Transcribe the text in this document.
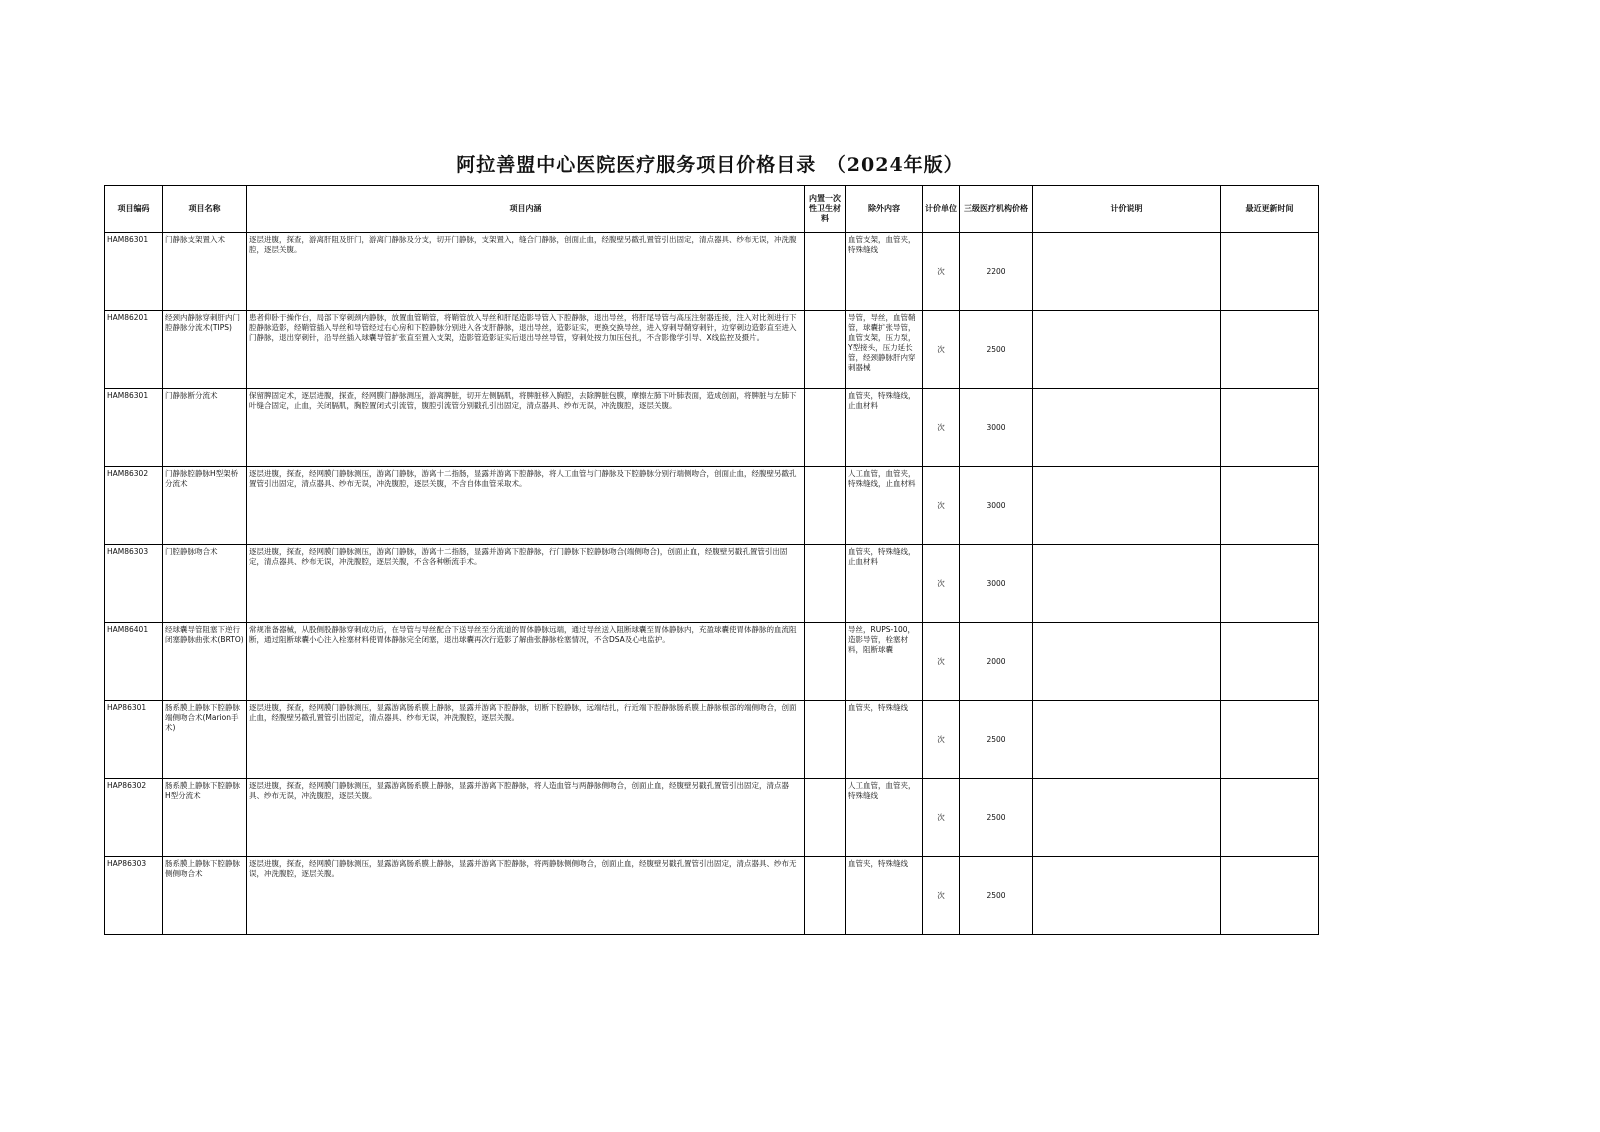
阿拉善盟中心医院医疗服务项目价格目录　（2024年版）
项目编码	项目名称	项目内涵	内置一次性卫生材料	除外内容	计价单位	三级医疗机构价格	计价说明	最近更新时间
HAM86301	门静脉支架置入术	逐层进腹，探查，游离肝阻及肝门，游离门静脉及分支，切开门静脉，支架置入，缝合门静脉，创面止血，经腹壁另戳孔置管引出固定，清点器具、纱布无误，冲洗腹腔，逐层关腹。		血管支架，血管夹，特殊缝线	次	2200		
HAM86201	经颈内静脉穿刺肝内门腔静脉分流术(TIPS)	患者仰卧于操作台，局部下穿刺颈内静脉，放置血管鞘管，将鞘管放入导丝和肝尾造影导管入下腔静脉，退出导丝，将肝尾导管与高压注射器连接，注入对比剂进行下腔静脉造影，经鞘管插入导丝和导管经过右心房和下腔静脉分别进入各支肝静脉，退出导丝，造影证实，更换交换导丝，进入穿刺导鞘穿刺针，边穿刺边造影直至进入门静脉，退出穿刺针，沿导丝插入球囊导管扩张直至置入支架，造影管造影证实后退出导丝导管，穿刺处按力加压包扎，不含影像学引导、X线监控及摄片。		导管，导丝，血管鞘管，球囊扩张导管，血管支架，压力泵，Y型接头，压力延长管，经颈静脉肝内穿刺器械	次	2500		
HAM86301	门静脉断分流术	保留脾固定术，逐层进腹，探查，经网膜门静脉测压，游离脾脏，切开左侧膈肌，将脾脏移入胸腔，去除脾脏包膜，摩擦左肺下叶肺表面，造成创面，将脾脏与左肺下叶缝合固定，止血，关闭膈肌，胸腔置闭式引流管，腹腔引流管分别戳孔引出固定，清点器具、纱布无误，冲洗腹腔，逐层关腹。		血管夹，特殊缝线，止血材料	次	3000		
HAM86302	门静脉腔静脉H型架桥分流术	逐层进腹，探查，经网膜门静脉测压，游离门静脉，游离十二指肠，显露并游离下腔静脉，将人工血管与门静脉及下腔静脉分别行端侧吻合，创面止血，经腹壁另戳孔置管引出固定，清点器具、纱布无误，冲洗腹腔，逐层关腹，不含自体血管采取术。		人工血管，血管夹，特殊缝线，止血材料	次	3000		
HAM86303	门腔静脉吻合术	逐层进腹，探查，经网膜门静脉测压，游离门静脉，游离十二指肠，显露并游离下腔静脉，行门静脉下腔静脉吻合(端侧吻合)，创面止血，经腹壁另戳孔置管引出固定，清点器具、纱布无误，冲洗腹腔，逐层关腹，不含各种断流手术。		血管夹，特殊缝线，止血材料	次	3000		
HAM86401	经球囊导管阻塞下逆行闭塞静脉曲张术(BRTO)	常规准备器械，从股侧股静脉穿刺成功后，在导管与导丝配合下送导丝至分流道的胃体静脉远端，通过导丝送入阻断球囊至胃体静脉内，充盈球囊使胃体静脉的血流阻断，通过阻断球囊小心注入栓塞材料使胃体静脉完全闭塞，退出球囊再次行造影了解曲张静脉栓塞情况，不含DSA及心电监护。		导丝，RUPS-100，造影导管，栓塞材料，阻断球囊	次	2000		
HAP86301	肠系膜上静脉下腔静脉端侧吻合术(Marion手术)	逐层进腹，探查，经网膜门静脉测压，显露游离肠系膜上静脉，显露并游离下腔静脉，切断下腔静脉，远端结扎，行近端下腔静脉肠系膜上静脉根部的端侧吻合，创面止血，经腹壁另戳孔置管引出固定，清点器具、纱布无误，冲洗腹腔，逐层关腹。		血管夹，特殊缝线	次	2500		
HAP86302	肠系膜上静脉下腔静脉H型分流术	逐层进腹，探查，经网膜门静脉测压，显露游离肠系膜上静脉，显露并游离下腔静脉，将人造血管与两静脉侧吻合，创面止血，经腹壁另戳孔置管引出固定，清点器具、纱布无误，冲洗腹腔，逐层关腹。		人工血管，血管夹，特殊缝线	次	2500		
HAP86303	肠系膜上静脉下腔静脉侧侧吻合术	逐层进腹，探查，经网膜门静脉测压，显露游离肠系膜上静脉，显露并游离下腔静脉，将两静脉侧侧吻合，创面止血，经腹壁另戳孔置管引出固定，清点器具、纱布无误，冲洗腹腔，逐层关腹。		血管夹，特殊缝线	次	2500		
